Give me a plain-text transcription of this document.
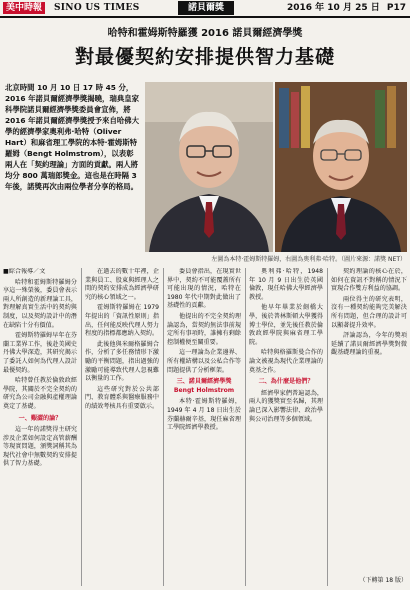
美中時報	SINO US TIMES	諾貝爾獎	2016 年 10 月 25 日 P17
哈特和霍姆斯特羅獲 2016 諾貝爾經濟學獎
對最優契約安排提供智力基礎
北京時間 10 月 10 日 17 時 45 分，2016 年諾貝爾經濟學獎揭曉，瑞典皇家科學院諾貝爾經濟學獎委員會宣佈，將 2016 年諾貝爾經濟學獎授予來自哈佛大學的經濟學家奧利弗·哈特（Oliver Hart）和麻省理工學院的本特·霍姆斯特羅姆（Bengt Holmstrom），以表彰兩人在「契約理論」方面的貢獻。兩人將均分 800 萬瑞郎獎金。這也是在時隔 3 年後，諾獎再次由兩位學者分享的格局。
左圖為本特·霍姆斯特羅姆，右圖為奧利弗·哈特。（圖片來源：諾獎 NET）

■綜合報導／文

哈特和霍姆斯特羅姆分享這一殊榮後，委員會表示兩人所創造的新理論工具，對理解真實生活中的契約與制度，以及契約設計中的潛在缺陷十分有價值。

霍姆斯特羅姆早年在芬蘭工業界工作，後赴美國史丹佛大學深造，其研究揭示了委託人如何為代理人設計最優契約。

哈特曾任教於倫敦政經學院，其關於不完全契約的研究為公司金融與產權理論奠定了基礎。

一、艱澀的論？

這一年的諾獎得主研究涉及企業如何設定高管薪酬等現實問題，頒獎詞稱其為現代社會中無數契約安排提供了智力基礎。

在過去的數十年裡，企業與員工、股東與經理人之間的契約安排成為經濟學研究的核心領域之一。

霍姆斯特羅姆在 1979 年提出的「資訊性原則」指出，任何能反映代理人努力程度的指標都應納入契約。

此後他與米爾格羅姆合作，分析了多任務情形下激勵的平衡問題，指出過強的激勵可能導致代理人忽視難以衡量的工作。

這些研究對於公共部門、教育體系與醫療服務中的績效考核具有重要啟示。

委員會指出，在現實世界中，契約不可能覆蓋所有可能出現的情況，哈特在 1980 年代中期對此做出了基礎性的貢獻。

他提出的不完全契約理論認為，當契約無法事前規定所有事項時，誰擁有剩餘控制權便至關重要。

這一理論為企業邊界、所有權結構以及公私合作等問題提供了分析框架。

三、諾貝爾經濟學獎 Bengt Holmstrom

本特·霍姆斯特羅姆，1949 年 4 月 18 日出生於芬蘭赫爾辛基，現任麻省理工學院經濟學教授。

奧利弗·哈特，1948 年 10 月 9 日出生於英國倫敦，現任哈佛大學經濟學教授。

他早年畢業於劍橋大學，後於普林斯頓大學獲得博士學位，並先後任教於倫敦政經學院與麻省理工學院。

哈特與格羅斯曼合作的論文被視為現代企業理論的奠基之作。

二、為什麼是他們？

經濟學家們普遍認為，兩人的獲獎實至名歸，其理論已深入影響法律、政治學與公司治理等多個領域。

契約理論的核心在於，如何在資訊不對稱的情況下實現合作雙方利益的協調。

兩位得主的研究表明，沒有一種契約能夠完美解決所有問題，但合理的設計可以顯著提升效率。

評論認為，今年的獎項延續了諾貝爾經濟學獎對微觀基礎理論的重視。

（下轉第 18 版）
